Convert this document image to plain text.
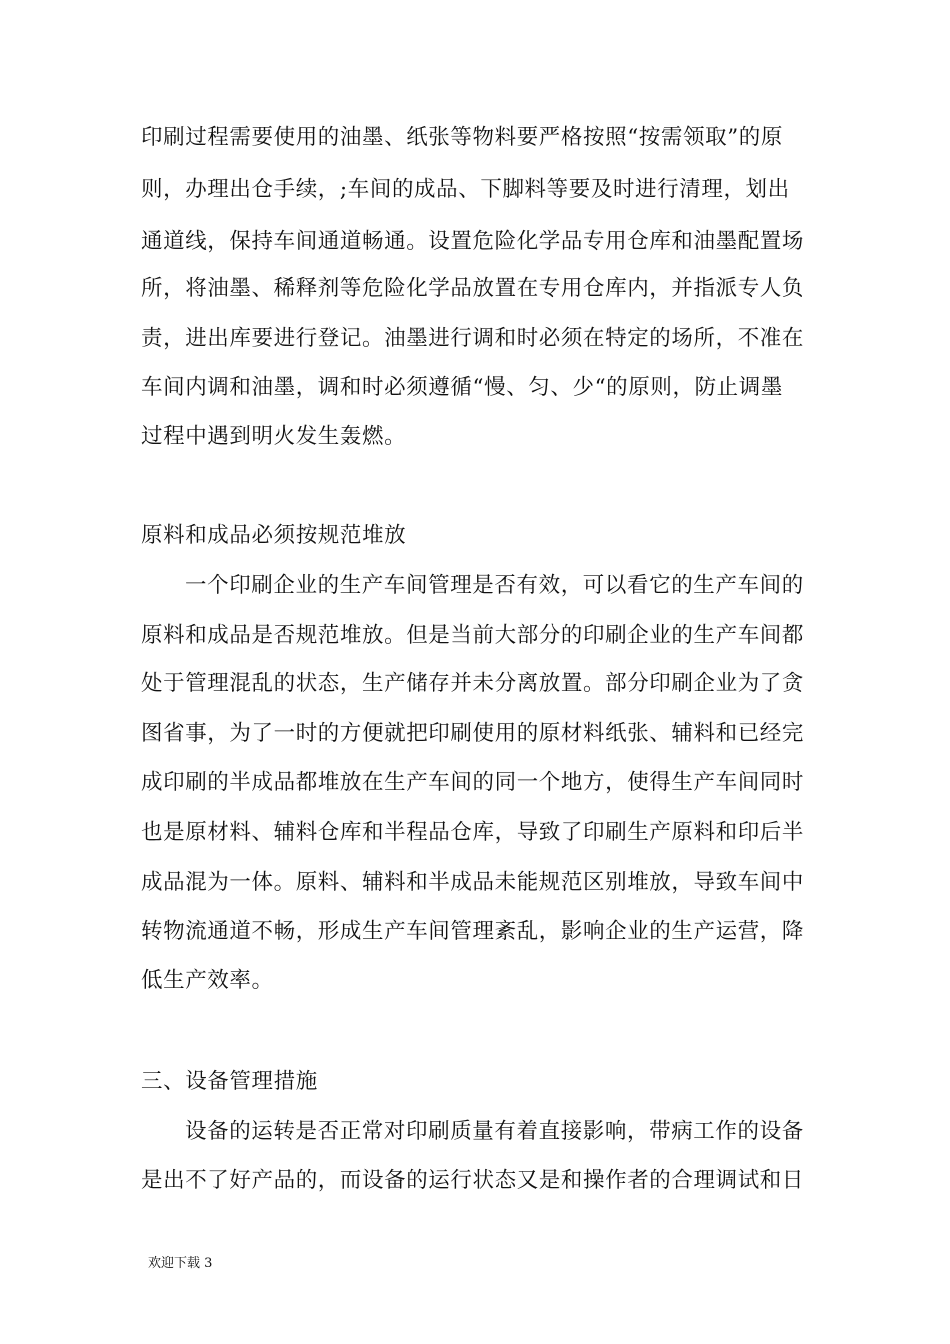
印刷过程需要使用的油墨、纸张等物料要严格按照“按需领取”的原
则，办理出仓手续，;车间的成品、下脚料等要及时进行清理，划出
通道线，保持车间通道畅通。设置危险化学品专用仓库和油墨配置场
所，将油墨、稀释剂等危险化学品放置在专用仓库内，并指派专人负
责，进出库要进行登记。油墨进行调和时必须在特定的场所，不准在
车间内调和油墨，调和时必须遵循“慢、匀、少“的原则，防止调墨
过程中遇到明火发生轰燃。
原料和成品必须按规范堆放
一个印刷企业的生产车间管理是否有效，可以看它的生产车间的
原料和成品是否规范堆放。但是当前大部分的印刷企业的生产车间都
处于管理混乱的状态，生产储存并未分离放置。部分印刷企业为了贪
图省事，为了一时的方便就把印刷使用的原材料纸张、辅料和已经完
成印刷的半成品都堆放在生产车间的同一个地方，使得生产车间同时
也是原材料、辅料仓库和半程品仓库，导致了印刷生产原料和印后半
成品混为一体。原料、辅料和半成品未能规范区别堆放，导致车间中
转物流通道不畅，形成生产车间管理紊乱，影响企业的生产运营，降
低生产效率。
三、设备管理措施
设备的运转是否正常对印刷质量有着直接影响，带病工作的设备
是出不了好产品的，而设备的运行状态又是和操作者的合理调试和日
欢迎下载 3
